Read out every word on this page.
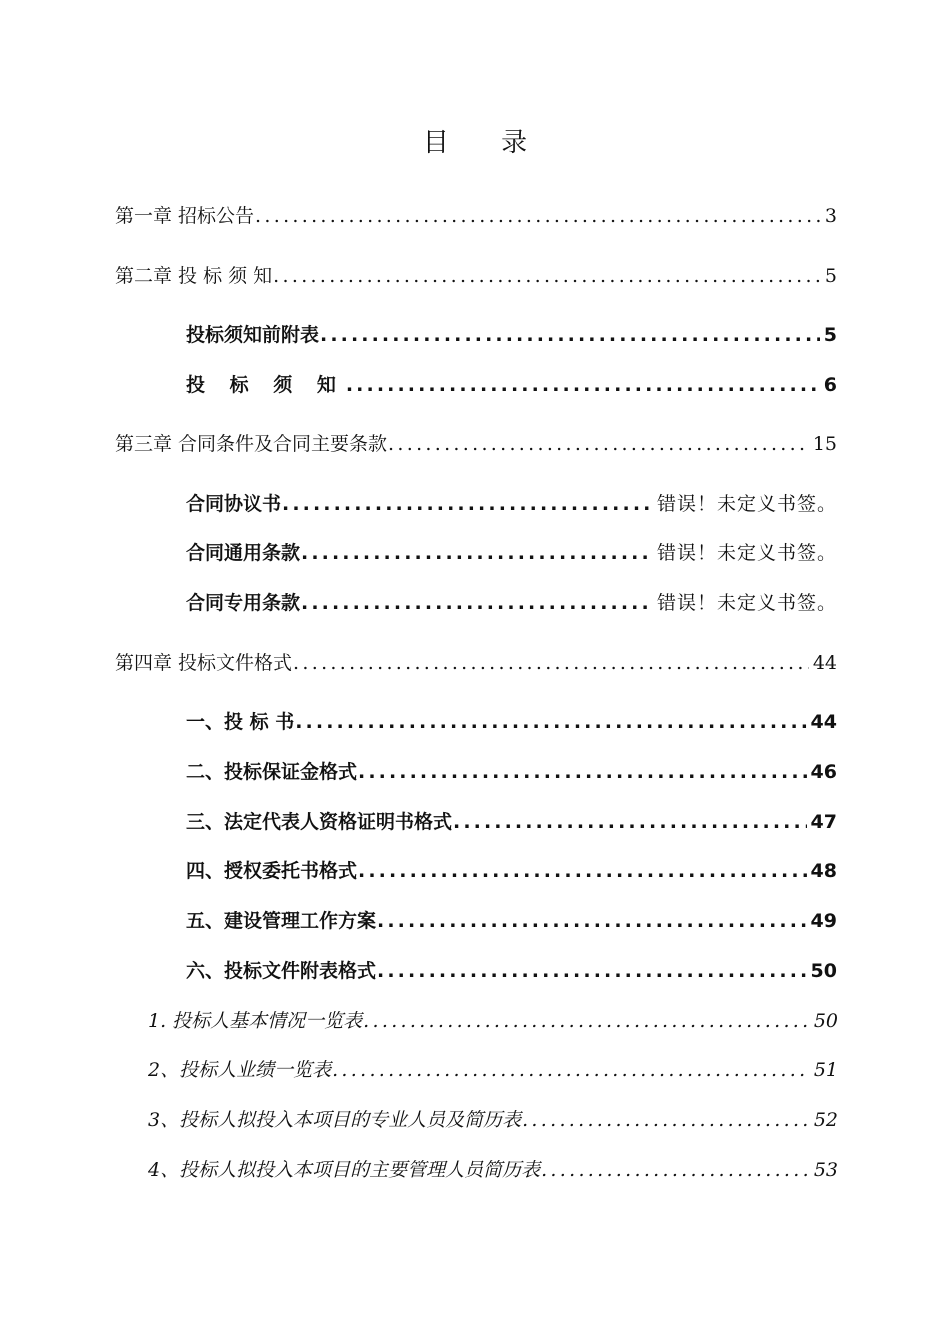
目 录
第一章 招标公告 .....	3
第二章 投 标 须 知 .....	5
投标须知前附表 .....	5
投 标 须 知 .....	6
第三章 合同条件及合同主要条款 .....	15
合同协议书 .....	错误！未定义书签。
合同通用条款 .....	错误！未定义书签。
合同专用条款 .....	错误！未定义书签。
第四章 投标文件格式 .....	44
一、投 标 书 .....	44
二、投标保证金格式 .....	46
三、法定代表人资格证明书格式 .....	47
四、授权委托书格式 .....	48
五、建设管理工作方案 .....	49
六、投标文件附表格式 .....	50
1. 投标人基本情况一览表 .....	50
2、投标人业绩一览表 .....	51
3、投标人拟投入本项目的专业人员及简历表 .....	52
4、投标人拟投入本项目的主要管理人员简历表 .....	53
